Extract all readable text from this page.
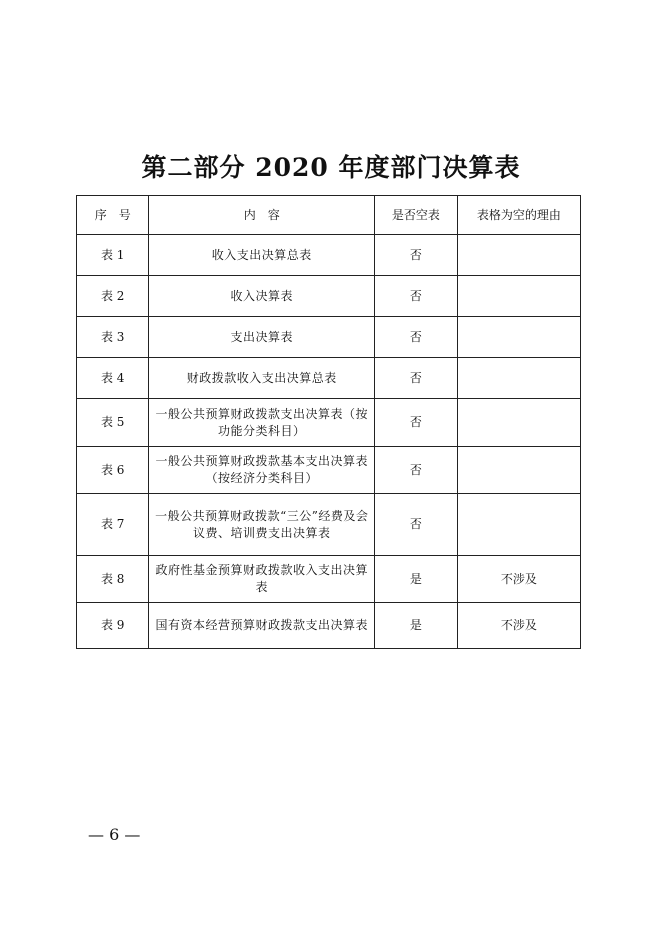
第二部分 2020 年度部门决算表
序　号	内　容	是否空表	表格为空的理由
表 1	收入支出决算总表	否	
表 2	收入决算表	否	
表 3	支出决算表	否	
表 4	财政拨款收入支出决算总表	否	
表 5	一般公共预算财政拨款支出决算表（按功能分类科目）	否	
表 6	一般公共预算财政拨款基本支出决算表（按经济分类科目）	否	
表 7	一般公共预算财政拨款“三公”经费及会议费、培训费支出决算表	否	
表 8	政府性基金预算财政拨款收入支出决算表	是	不涉及
表 9	国有资本经营预算财政拨款支出决算表	是	不涉及
— 6 —
